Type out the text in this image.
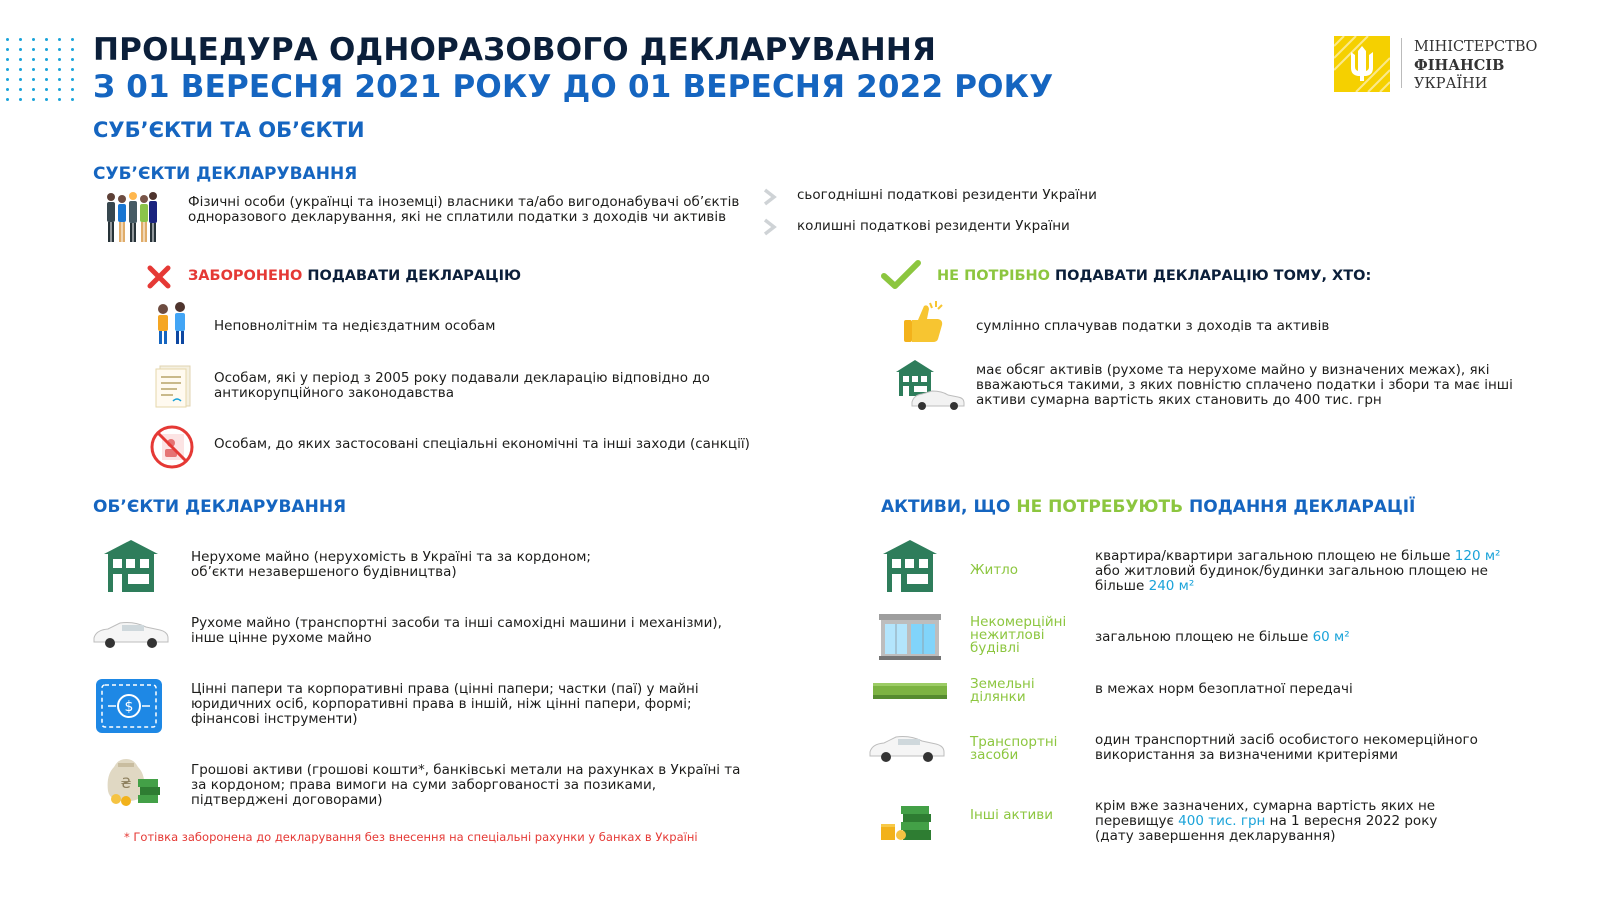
ПРОЦЕДУРА ОДНОРАЗОВОГО ДЕКЛАРУВАННЯ
З 01 ВЕРЕСНЯ 2021 РОКУ ДО 01 ВЕРЕСНЯ 2022 РОКУ
СУБ’ЄКТИ ТА ОБ’ЄКТИ
МІНІСТЕРСТВО
ФІНАНСІВ
УКРАЇНИ
СУБ’ЄКТИ ДЕКЛАРУВАННЯ
Фізичні особи (українці та іноземці) власники та/або вигодонабувачі об’єктів одноразового декларування, які не сплатили податки з доходів чи активів
сьогоднішні податкові резиденти України
колишні податкові резиденти України
ЗАБОРОНЕНО ПОДАВАТИ ДЕКЛАРАЦІЮ
Неповнолітнім та недієздатним особам
Особам, які у період з 2005 року подавали декларацію відповідно до антикорупційного законодавства
Особам, до яких застосовані спеціальні економічні та інші заходи (санкції)
НЕ ПОТРІБНО ПОДАВАТИ ДЕКЛАРАЦІЮ ТОМУ, ХТО:
сумлінно сплачував податки з доходів та активів
має обсяг активів (рухоме та нерухоме майно у визначених межах), які вважаються такими, з яких повністю сплачено податки і збори та має інші активи сумарна вартість яких становить до 400 тис. грн
ОБ’ЄКТИ ДЕКЛАРУВАННЯ
Нерухоме майно (нерухомість в Україні та за кордоном; об’єкти незавершеного будівництва)
Рухоме майно (транспортні засоби та інші самохідні машини і механізми), інше цінне рухоме майно
$
Цінні папери та корпоративні права (цінні папери; частки (паї) у майні юридичних осіб, корпоративні права в іншій, ніж цінні папери, формі; фінансові інструменти)
₴
Грошові активи (грошові кошти*, банківські метали на рахунках в Україні та за кордоном; права вимоги на суми заборгованості за позиками, підтверджені договорами)
* Готівка заборонена до декларування без внесення на спеціальні рахунки у банках в Україні
АКТИВИ, ЩО НЕ ПОТРЕБУЮТЬ ПОДАННЯ ДЕКЛАРАЦІЇ
Житло
квартира/квартири загальною площею не більше 120 м² або житловий будинок/будинки загальною площею не більше 240 м²
Некомерційні нежитлові будівлі
загальною площею не більше 60 м²
Земельні ділянки	в межах норм безоплатної передачі
Транспортні засоби
один транспортний засіб особистого некомерційного використання за визначеними критеріями
Інші активи
крім вже зазначених, сумарна вартість яких не перевищує 400 тис. грн на 1 вересня 2022 року (дату завершення декларування)
